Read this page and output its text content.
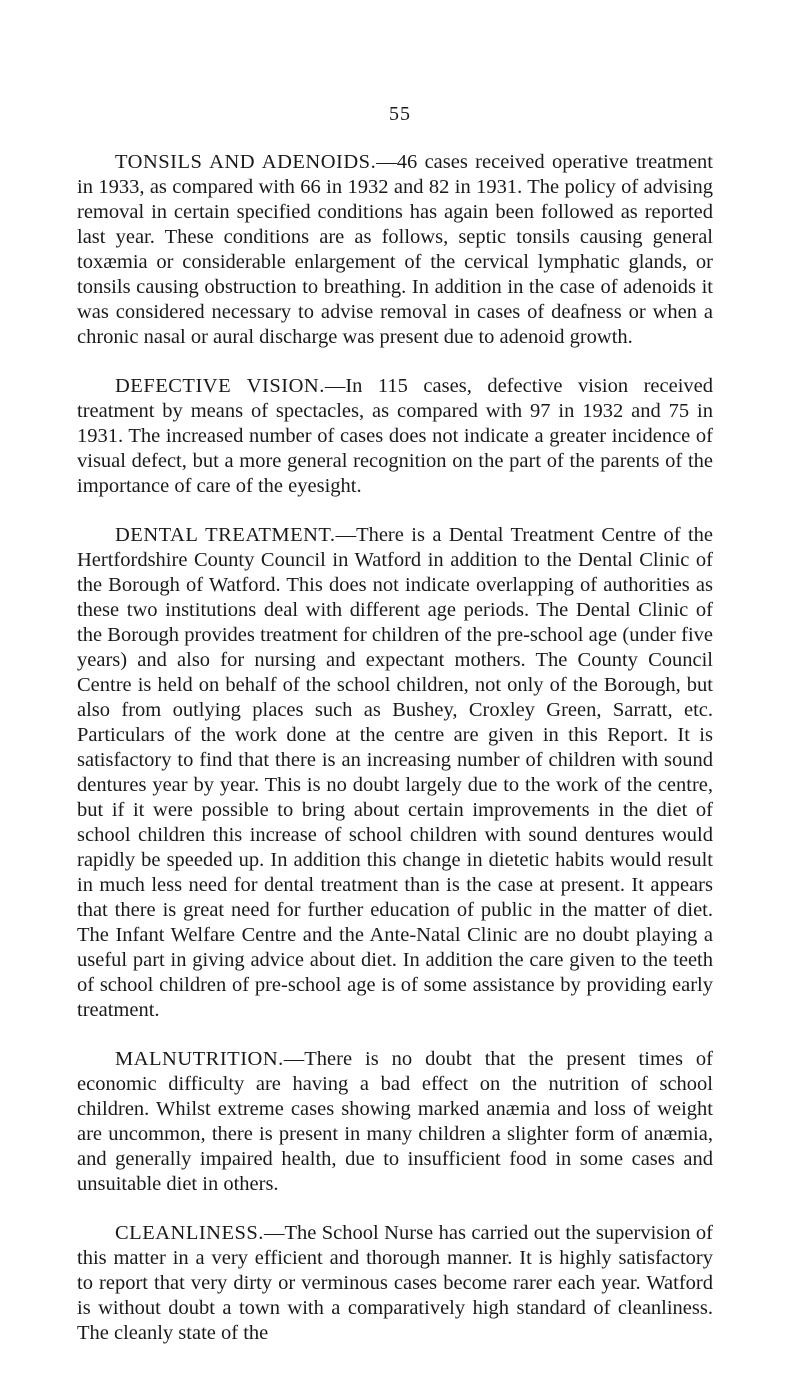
55

TONSILS AND ADENOIDS.—46 cases received operative treatment in 1933, as compared with 66 in 1932 and 82 in 1931. The policy of advising removal in certain specified conditions has again been followed as reported last year. These conditions are as follows, septic tonsils causing general toxæmia or considerable enlargement of the cervical lymphatic glands, or tonsils causing obstruction to breathing. In addition in the case of adenoids it was considered necessary to advise removal in cases of deafness or when a chronic nasal or aural discharge was present due to adenoid growth.

DEFECTIVE VISION.—In 115 cases, defective vision received treatment by means of spectacles, as compared with 97 in 1932 and 75 in 1931. The increased number of cases does not indicate a greater incidence of visual defect, but a more general recognition on the part of the parents of the importance of care of the eyesight.

DENTAL TREATMENT.—There is a Dental Treatment Centre of the Hertfordshire County Council in Watford in addition to the Dental Clinic of the Borough of Watford. This does not indicate overlapping of authorities as these two institutions deal with different age periods. The Dental Clinic of the Borough provides treatment for children of the pre-school age (under five years) and also for nursing and expectant mothers. The County Council Centre is held on behalf of the school children, not only of the Borough, but also from outlying places such as Bushey, Croxley Green, Sarratt, etc. Particulars of the work done at the centre are given in this Report. It is satisfactory to find that there is an increasing number of children with sound dentures year by year. This is no doubt largely due to the work of the centre, but if it were possible to bring about certain improvements in the diet of school children this increase of school children with sound dentures would rapidly be speeded up. In addition this change in dietetic habits would result in much less need for dental treatment than is the case at present. It appears that there is great need for further education of public in the matter of diet. The Infant Welfare Centre and the Ante-Natal Clinic are no doubt playing a useful part in giving advice about diet. In addition the care given to the teeth of school children of pre-school age is of some assistance by providing early treatment.

MALNUTRITION.—There is no doubt that the present times of economic difficulty are having a bad effect on the nutrition of school children. Whilst extreme cases showing marked anæmia and loss of weight are uncommon, there is present in many children a slighter form of anæmia, and generally impaired health, due to insufficient food in some cases and unsuitable diet in others.

CLEANLINESS.—The School Nurse has carried out the supervision of this matter in a very efficient and thorough manner. It is highly satisfactory to report that very dirty or verminous cases become rarer each year. Watford is without doubt a town with a comparatively high standard of cleanliness. The cleanly state of the
